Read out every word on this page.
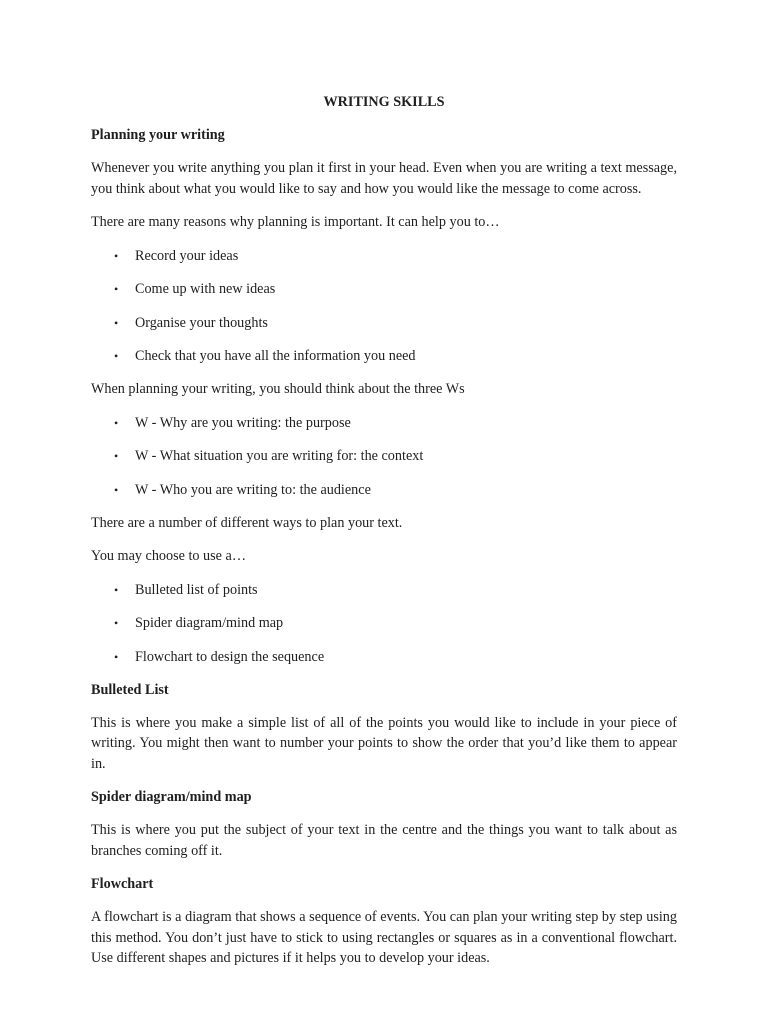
WRITING SKILLS
Planning your writing

Whenever you write anything you plan it first in your head. Even when you are writing a text message, you think about what you would like to say and how you would like the message to come across.

There are many reasons why planning is important. It can help you to…

• Record your ideas
• Come up with new ideas
• Organise your thoughts
• Check that you have all the information you need

When planning your writing, you should think about the three Ws

• W - Why are you writing: the purpose
• W - What situation you are writing for: the context
• W - Who you are writing to: the audience

There are a number of different ways to plan your text.

You may choose to use a…

• Bulleted list of points
• Spider diagram/mind map
• Flowchart to design the sequence
Bulleted List

This is where you make a simple list of all of the points you would like to include in your piece of writing. You might then want to number your points to show the order that you’d like them to appear in.

Spider diagram/mind map

This is where you put the subject of your text in the centre and the things you want to talk about as branches coming off it.

Flowchart

A flowchart is a diagram that shows a sequence of events. You can plan your writing step by step using this method. You don’t just have to stick to using rectangles or squares as in a conventional flowchart. Use different shapes and pictures if it helps you to develop your ideas.
